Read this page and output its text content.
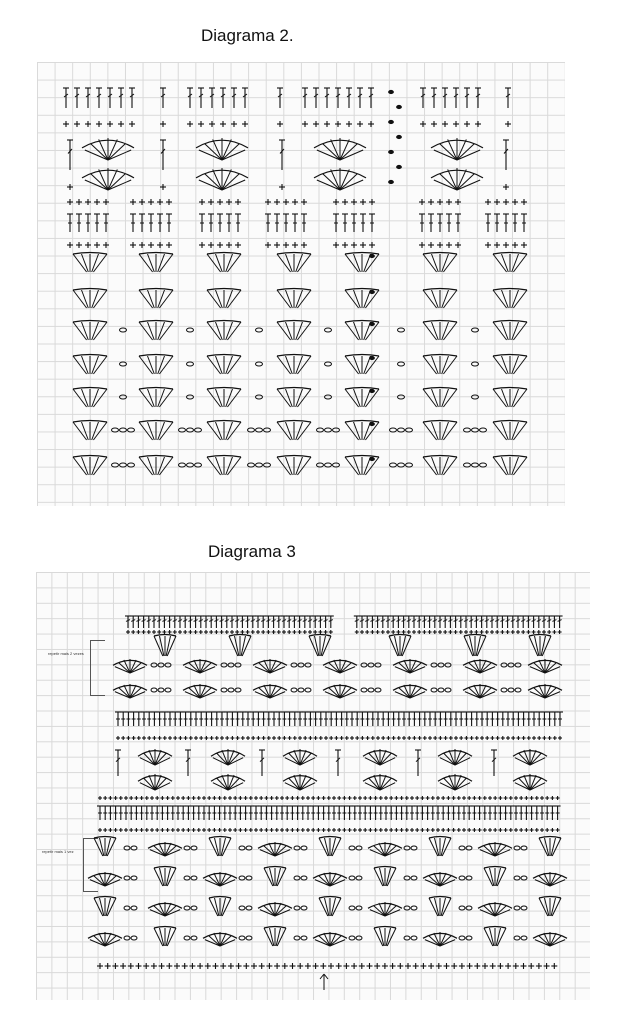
Diagrama 2.
Diagrama 3
repetir mais 2 vezes
repetir mais 1 vez
